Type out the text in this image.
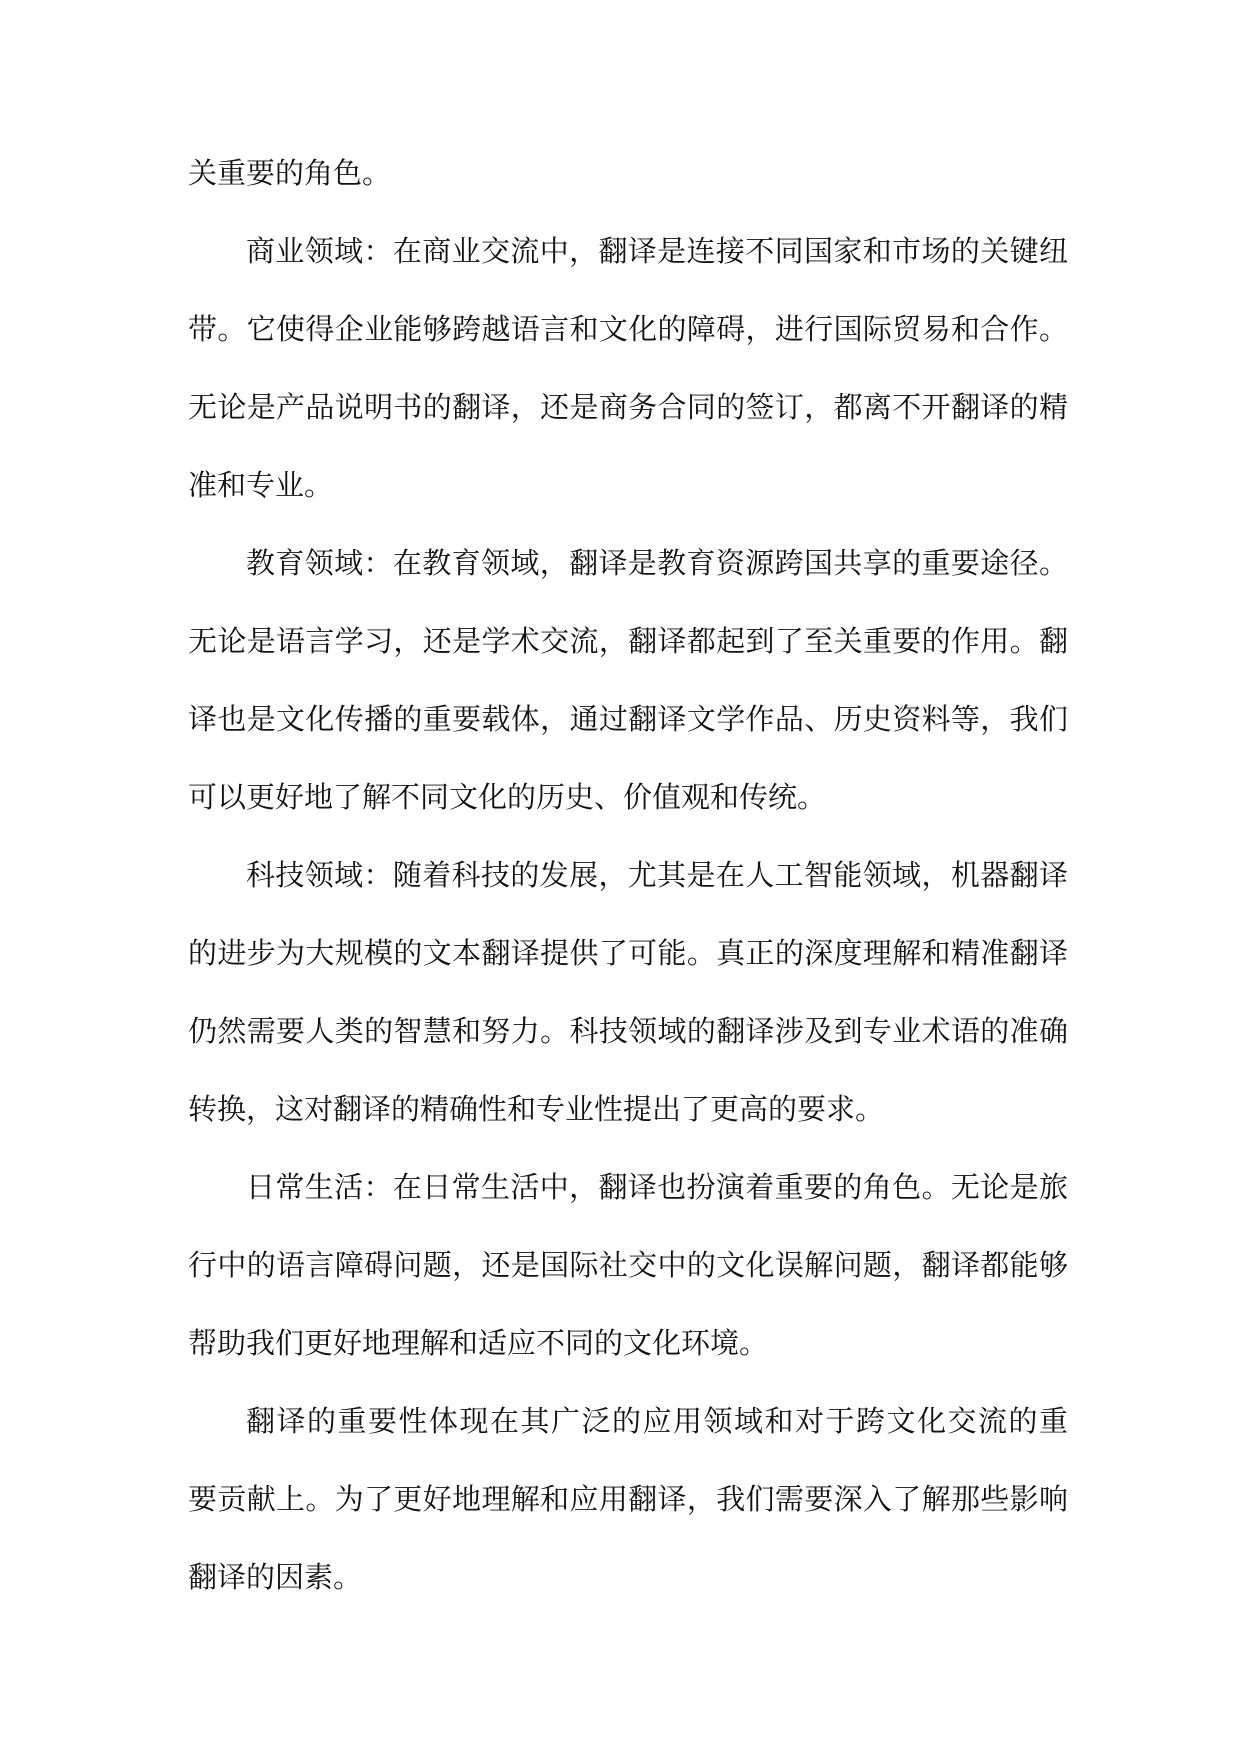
关重要的角色。
商业领域：在商业交流中，翻译是连接不同国家和市场的关键纽
带。它使得企业能够跨越语言和文化的障碍，进行国际贸易和合作。
无论是产品说明书的翻译，还是商务合同的签订，都离不开翻译的精
准和专业。
教育领域：在教育领域，翻译是教育资源跨国共享的重要途径。
无论是语言学习，还是学术交流，翻译都起到了至关重要的作用。翻
译也是文化传播的重要载体，通过翻译文学作品、历史资料等，我们
可以更好地了解不同文化的历史、价值观和传统。
科技领域：随着科技的发展，尤其是在人工智能领域，机器翻译
的进步为大规模的文本翻译提供了可能。真正的深度理解和精准翻译
仍然需要人类的智慧和努力。科技领域的翻译涉及到专业术语的准确
转换，这对翻译的精确性和专业性提出了更高的要求。
日常生活：在日常生活中，翻译也扮演着重要的角色。无论是旅
行中的语言障碍问题，还是国际社交中的文化误解问题，翻译都能够
帮助我们更好地理解和适应不同的文化环境。
翻译的重要性体现在其广泛的应用领域和对于跨文化交流的重
要贡献上。为了更好地理解和应用翻译，我们需要深入了解那些影响
翻译的因素。
